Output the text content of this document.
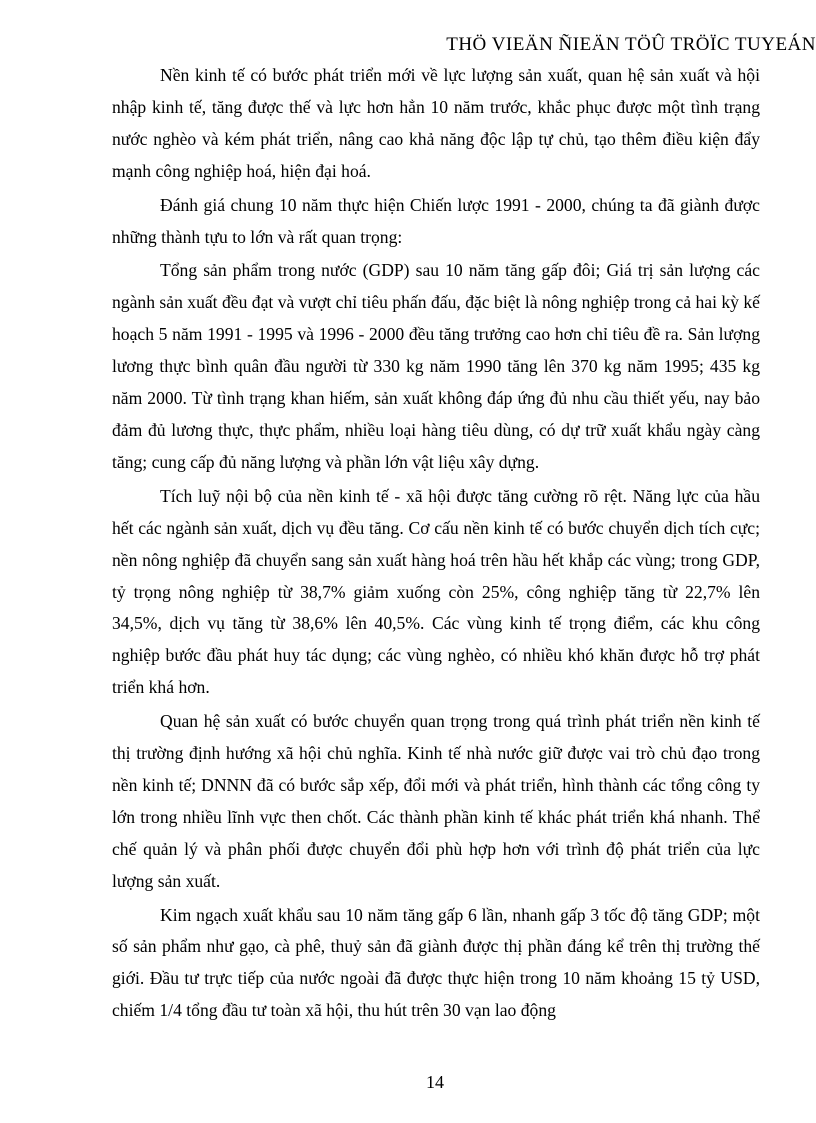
THÖ VIEÄN ÑIEÄN TÖÛ TRÖÏC TUYEÁN

Nền kinh tế có bước phát triển mới về lực lượng sản xuất, quan hệ sản xuất và hội nhập kinh tế, tăng được thế và lực hơn hẳn 10 năm trước, khắc phục được một tình trạng nước nghèo và kém phát triển, nâng cao khả năng độc lập tự chủ, tạo thêm điều kiện đẩy mạnh công nghiệp hoá, hiện đại hoá.

Đánh giá chung 10 năm thực hiện Chiến lược 1991 - 2000, chúng ta đã giành được những thành tựu to lớn và rất quan trọng:

Tổng sản phẩm trong nước (GDP) sau 10 năm tăng gấp đôi; Giá trị sản lượng các ngành sản xuất đều đạt và vượt chỉ tiêu phấn đấu, đặc biệt là nông nghiệp trong cả hai kỳ kế hoạch 5 năm 1991 - 1995 và 1996 - 2000 đều tăng trưởng cao hơn chỉ tiêu đề ra. Sản lượng lương thực bình quân đầu người từ 330 kg năm 1990 tăng lên 370 kg năm 1995; 435 kg năm 2000. Từ tình trạng khan hiếm, sản xuất không đáp ứng đủ nhu cầu thiết yếu, nay bảo đảm đủ lương thực, thực phẩm, nhiều loại hàng tiêu dùng, có dự trữ xuất khẩu ngày càng tăng; cung cấp đủ năng lượng và phần lớn vật liệu xây dựng.

Tích luỹ nội bộ của nền kinh tế - xã hội được tăng cường rõ rệt. Năng lực của hầu hết các ngành sản xuất, dịch vụ đều tăng. Cơ cấu nền kinh tế có bước chuyển dịch tích cực; nền nông nghiệp đã chuyển sang sản xuất hàng hoá trên hầu hết khắp các vùng; trong GDP, tỷ trọng nông nghiệp từ 38,7% giảm xuống còn 25%, công nghiệp tăng từ 22,7% lên 34,5%, dịch vụ tăng từ 38,6% lên 40,5%. Các vùng kinh tế trọng điểm, các khu công nghiệp bước đầu phát huy tác dụng; các vùng nghèo, có nhiều khó khăn được hỗ trợ phát triển khá hơn.

Quan hệ sản xuất có bước chuyển quan trọng trong quá trình phát triển nền kinh tế thị trường định hướng xã hội chủ nghĩa. Kinh tế nhà nước giữ được vai trò chủ đạo trong nền kinh tế; DNNN đã có bước sắp xếp, đổi mới và phát triển, hình thành các tổng công ty lớn trong nhiều lĩnh vực then chốt. Các thành phần kinh tế khác phát triển khá nhanh. Thể chế quản lý và phân phối được chuyển đổi phù hợp hơn với trình độ phát triển của lực lượng sản xuất.

Kim ngạch xuất khẩu sau 10 năm tăng gấp 6 lần, nhanh gấp 3 tốc độ tăng GDP; một số sản phẩm như gạo, cà phê, thuỷ sản đã giành được thị phần đáng kể trên thị trường thế giới. Đầu tư trực tiếp của nước ngoài đã được thực hiện trong 10 năm khoảng 15 tỷ USD, chiếm 1/4 tổng đầu tư toàn xã hội, thu hút trên 30 vạn lao động

14
